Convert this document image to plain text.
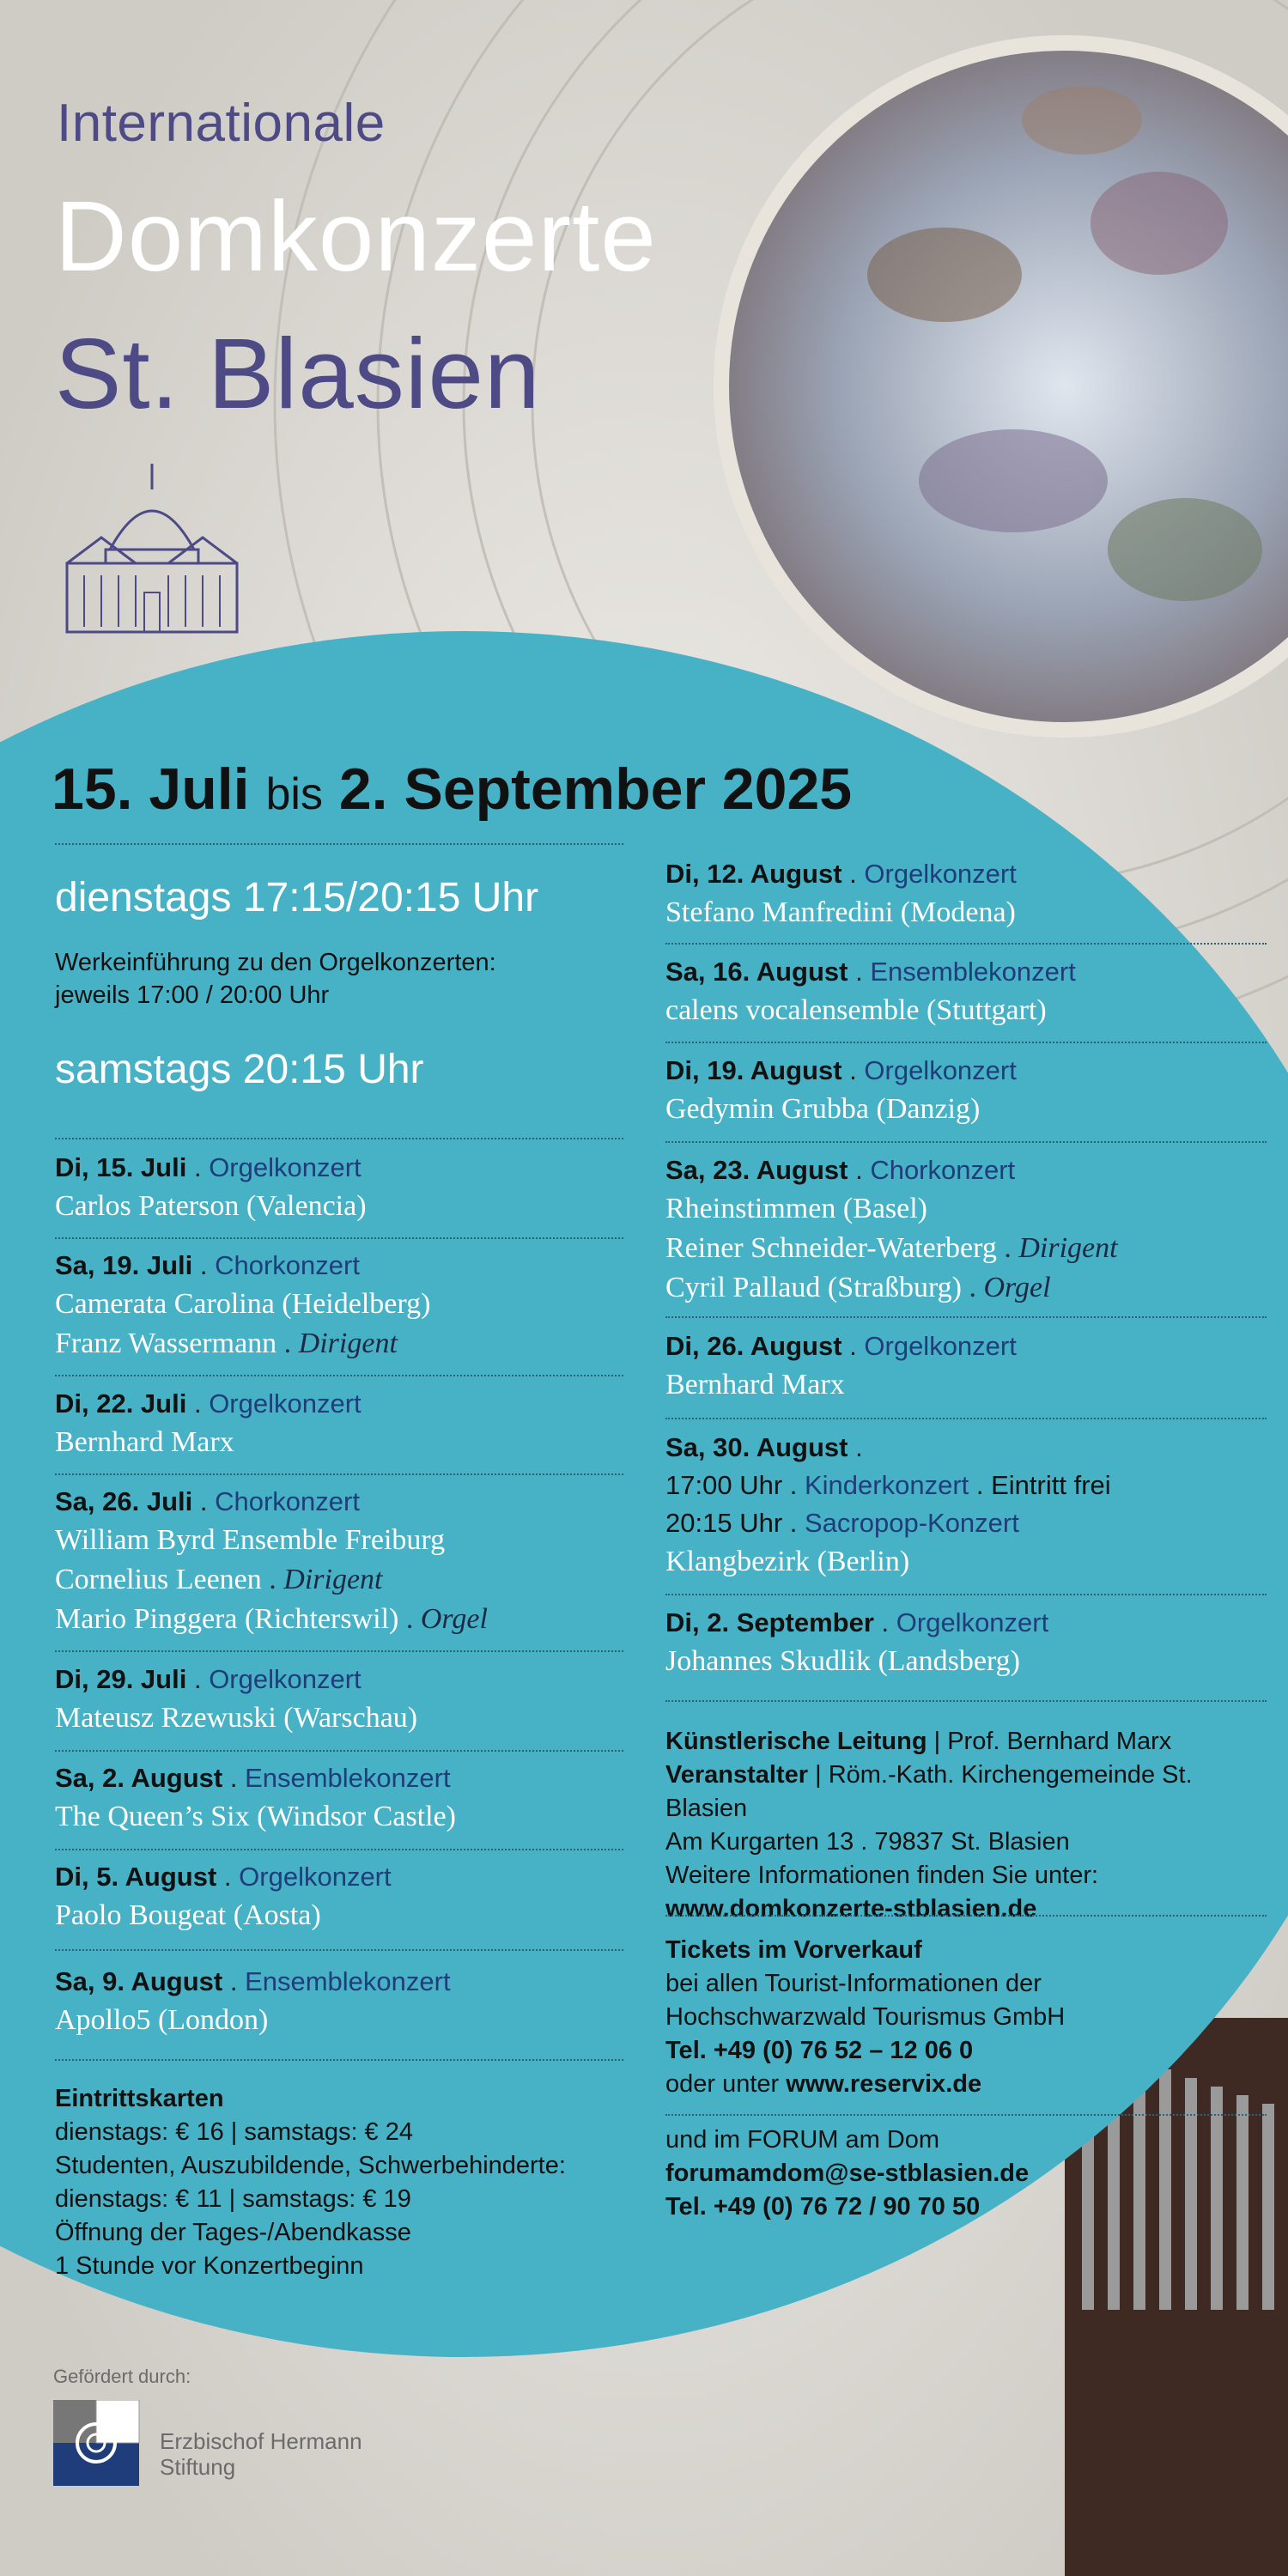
Internationale
Domkonzerte
St. Blasien
15. Juli bis 2. September 2025
dienstags 17:15/20:15 Uhr
Werkeinführung zu den Orgelkonzerten:
jeweils 17:00 / 20:00 Uhr
samstags 20:15 Uhr
Di, 15. Juli . Orgelkonzert
Carlos Paterson (Valencia)
Sa, 19. Juli . Chorkonzert
Camerata Carolina (Heidelberg)
Franz Wassermann . Dirigent
Di, 22. Juli . Orgelkonzert
Bernhard Marx
Sa, 26. Juli . Chorkonzert
William Byrd Ensemble Freiburg
Cornelius Leenen . Dirigent
Mario Pinggera (Richterswil) . Orgel
Di, 29. Juli . Orgelkonzert
Mateusz Rzewuski (Warschau)
Sa, 2. August . Ensemblekonzert
The Queen’s Six (Windsor Castle)
Di, 5. August . Orgelkonzert
Paolo Bougeat (Aosta)
Sa, 9. August . Ensemblekonzert
Apollo5 (London)
Eintrittskarten
dienstags: € 16 | samstags: € 24
Studenten, Auszubildende, Schwerbehinderte:
dienstags: € 11 | samstags: € 19
Öffnung der Tages-/Abendkasse
1 Stunde vor Konzertbeginn
Di, 12. August . Orgelkonzert
Stefano Manfredini (Modena)
Sa, 16. August . Ensemblekonzert
calens vocalensemble (Stuttgart)
Di, 19. August . Orgelkonzert
Gedymin Grubba (Danzig)
Sa, 23. August . Chorkonzert
Rheinstimmen (Basel)
Reiner Schneider-Waterberg . Dirigent
Cyril Pallaud (Straßburg) . Orgel
Di, 26. August . Orgelkonzert
Bernhard Marx
Sa, 30. August .
17:00 Uhr . Kinderkonzert . Eintritt frei
20:15 Uhr . Sacropop-Konzert
Klangbezirk (Berlin)
Di, 2. September . Orgelkonzert
Johannes Skudlik (Landsberg)
Künstlerische Leitung | Prof. Bernhard Marx
Veranstalter | Röm.-Kath. Kirchengemeinde St. Blasien
Am Kurgarten 13 . 79837 St. Blasien
Weitere Informationen finden Sie unter:
www.domkonzerte-stblasien.de
Tickets im Vorverkauf
bei allen Tourist-Informationen der
Hochschwarzwald Tourismus GmbH
Tel. +49 (0) 76 52 – 12 06 0
oder unter www.reservix.de
und im FORUM am Dom
forumamdom@se-stblasien.de
Tel. +49 (0) 76 72 / 90 70 50
Gefördert durch:
Erzbischof Hermann
Stiftung
